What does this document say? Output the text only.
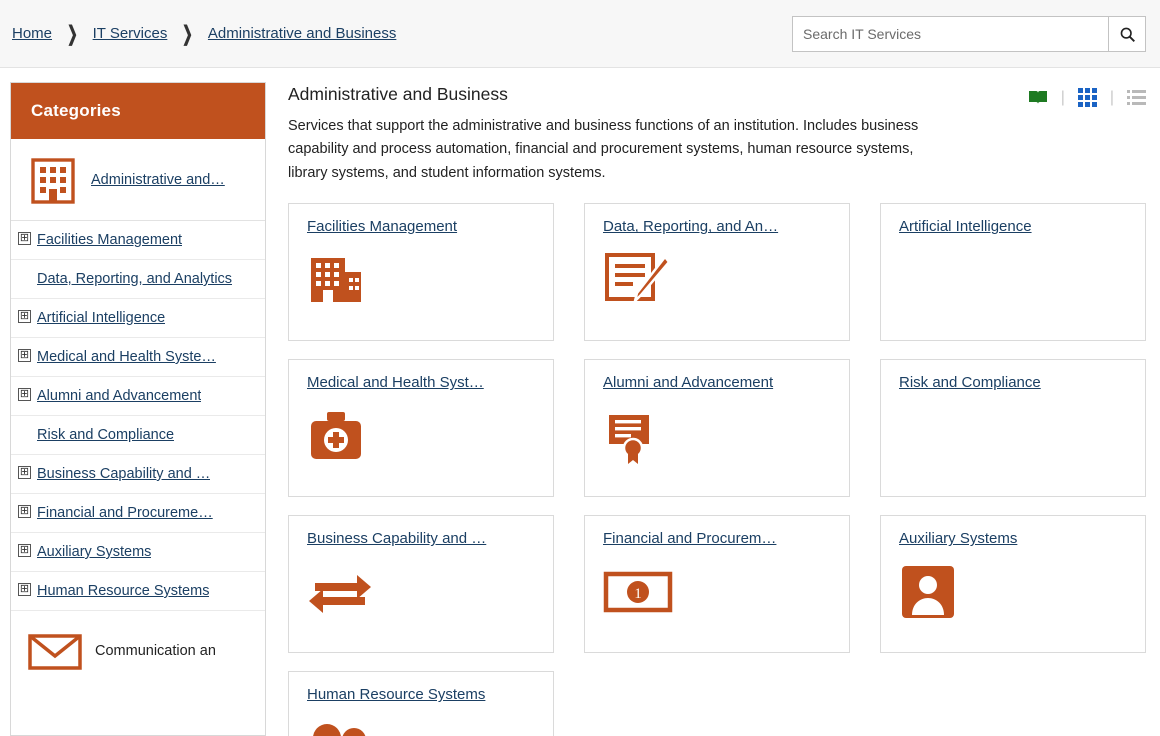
Home ❯ IT Services ❯ Administrative and Business
Search IT Services
Categories
Administrative and…
⊞ Facilities Management
Data, Reporting, and Analytics
⊞ Artificial Intelligence
⊞ Medical and Health Syste…
⊞ Alumni and Advancement
Risk and Compliance
⊞ Business Capability and …
⊞ Financial and Procureme…
⊞ Auxiliary Systems
⊞ Human Resource Systems
Communication an
Administrative and Business

Services that support the administrative and business functions of an institution. Includes business capability and process automation, financial and procurement systems, human resource systems, library systems, and student information systems.

|	|
Facilities Management	Data, Reporting, and An…	Artificial Intelligence
Medical and Health Syst…	Alumni and Advancement	Risk and Compliance
Business Capability and …	Financial and Procurem…
1
Auxiliary Systems
Human Resource Systems
